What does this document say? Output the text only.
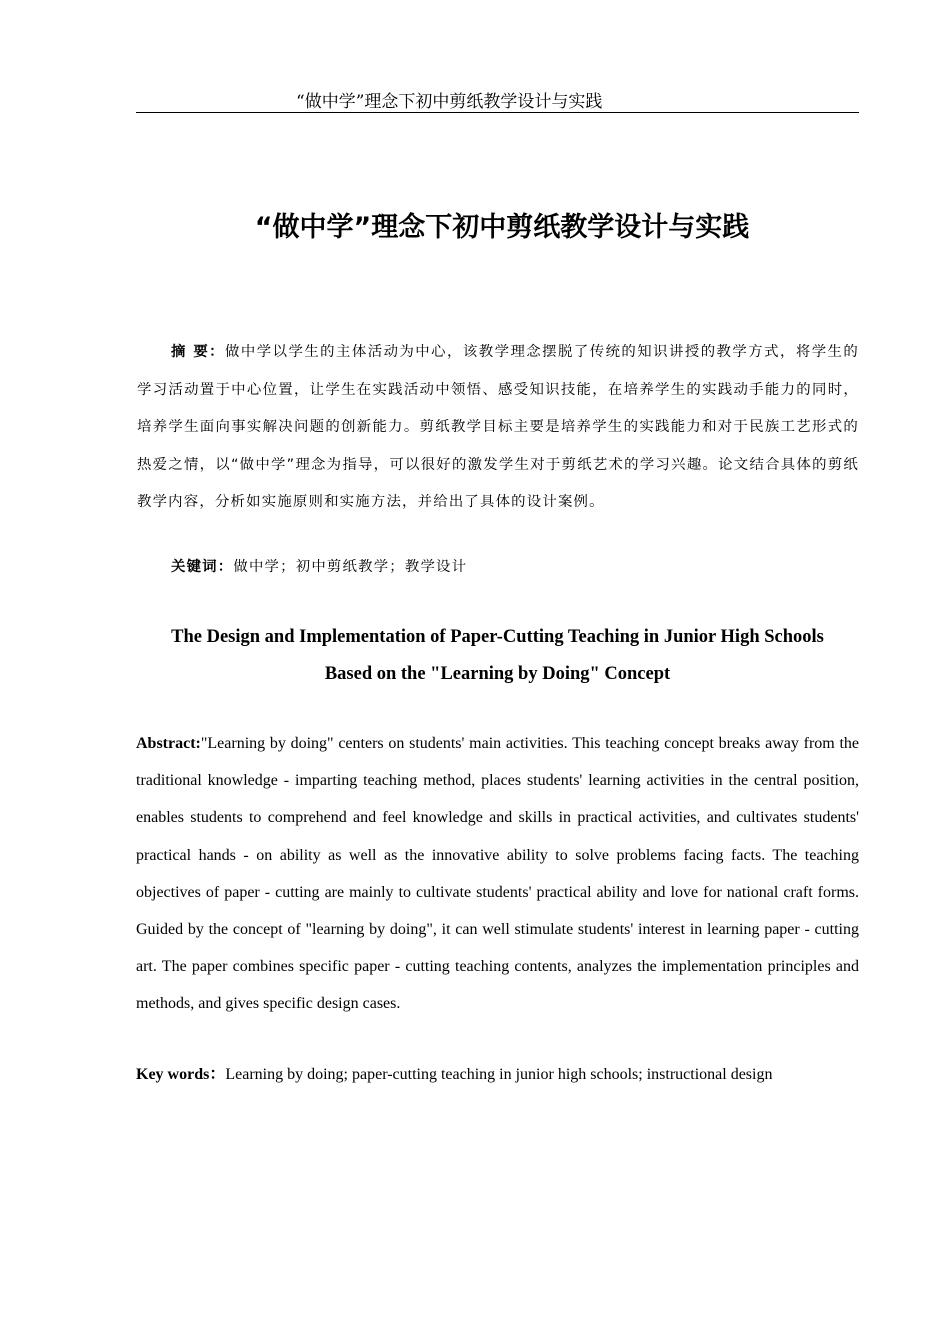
“做中学”理念下初中剪纸教学设计与实践
“做中学”理念下初中剪纸教学设计与实践

摘 要：做中学以学生的主体活动为中心，该教学理念摆脱了传统的知识讲授的教学方式，将学生的学习活动置于中心位置，让学生在实践活动中领悟、感受知识技能，在培养学生的实践动手能力的同时，培养学生面向事实解决问题的创新能力。剪纸教学目标主要是培养学生的实践能力和对于民族工艺形式的热爱之情，以“做中学”理念为指导，可以很好的激发学生对于剪纸艺术的学习兴趣。论文结合具体的剪纸教学内容，分析如实施原则和实施方法，并给出了具体的设计案例。

关键词：做中学；初中剪纸教学；教学设计
The Design and Implementation of Paper-Cutting Teaching in Junior High Schools
Based on the "Learning by Doing" Concept

Abstract:"Learning by doing" centers on students' main activities. This teaching concept breaks away from the traditional knowledge - imparting teaching method, places students' learning activities in the central position, enables students to comprehend and feel knowledge and skills in practical activities, and cultivates students' practical hands - on ability as well as the innovative ability to solve problems facing facts. The teaching objectives of paper - cutting are mainly to cultivate students' practical ability and love for national craft forms. Guided by the concept of "learning by doing", it can well stimulate students' interest in learning paper - cutting art. The paper combines specific paper - cutting teaching contents, analyzes the implementation principles and methods, and gives specific design cases.

Key words：Learning by doing; paper-cutting teaching in junior high schools; instructional design
